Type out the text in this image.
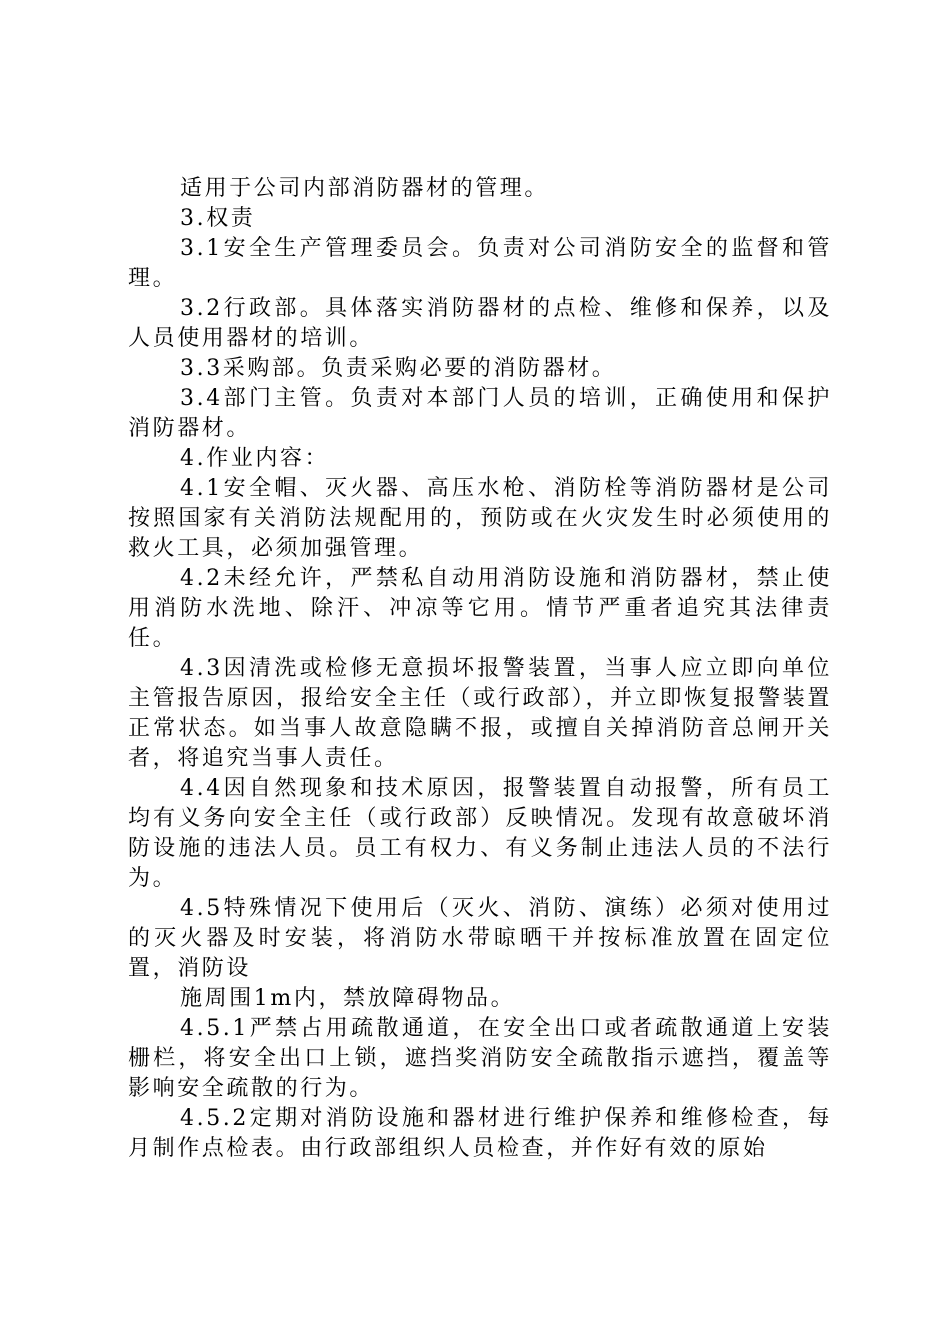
适用于公司内部消防器材的管理。

3.权责

3.1安全生产管理委员会。负责对公司消防安全的监督和管理。

3.2行政部。具体落实消防器材的点检、维修和保养，以及人员使用器材的培训。

3.3采购部。负责采购必要的消防器材。

3.4部门主管。负责对本部门人员的培训，正确使用和保护消防器材。

4.作业内容：

4.1安全帽、灭火器、高压水枪、消防栓等消防器材是公司按照国家有关消防法规配用的，预防或在火灾发生时必须使用的救火工具，必须加强管理。

4.2未经允许，严禁私自动用消防设施和消防器材，禁止使用消防水洗地、除汗、冲凉等它用。情节严重者追究其法律责任。

4.3因清洗或检修无意损坏报警装置，当事人应立即向单位主管报告原因，报给安全主任（或行政部），并立即恢复报警装置正常状态。如当事人故意隐瞒不报，或擅自关掉消防音总闸开关者，将追究当事人责任。

4.4因自然现象和技术原因，报警装置自动报警，所有员工均有义务向安全主任（或行政部）反映情况。发现有故意破坏消防设施的违法人员。员工有权力、有义务制止违法人员的不法行为。

4.5特殊情况下使用后（灭火、消防、演练）必须对使用过的灭火器及时安装，将消防水带晾晒干并按标准放置在固定位置，消防设

施周围1m内，禁放障碍物品。

4.5.1严禁占用疏散通道，在安全出口或者疏散通道上安装栅栏，将安全出口上锁，遮挡奖消防安全疏散指示遮挡，覆盖等影响安全疏散的行为。

4.5.2定期对消防设施和器材进行维护保养和维修检查，每月制作点检表。由行政部组织人员检查，并作好有效的原始
